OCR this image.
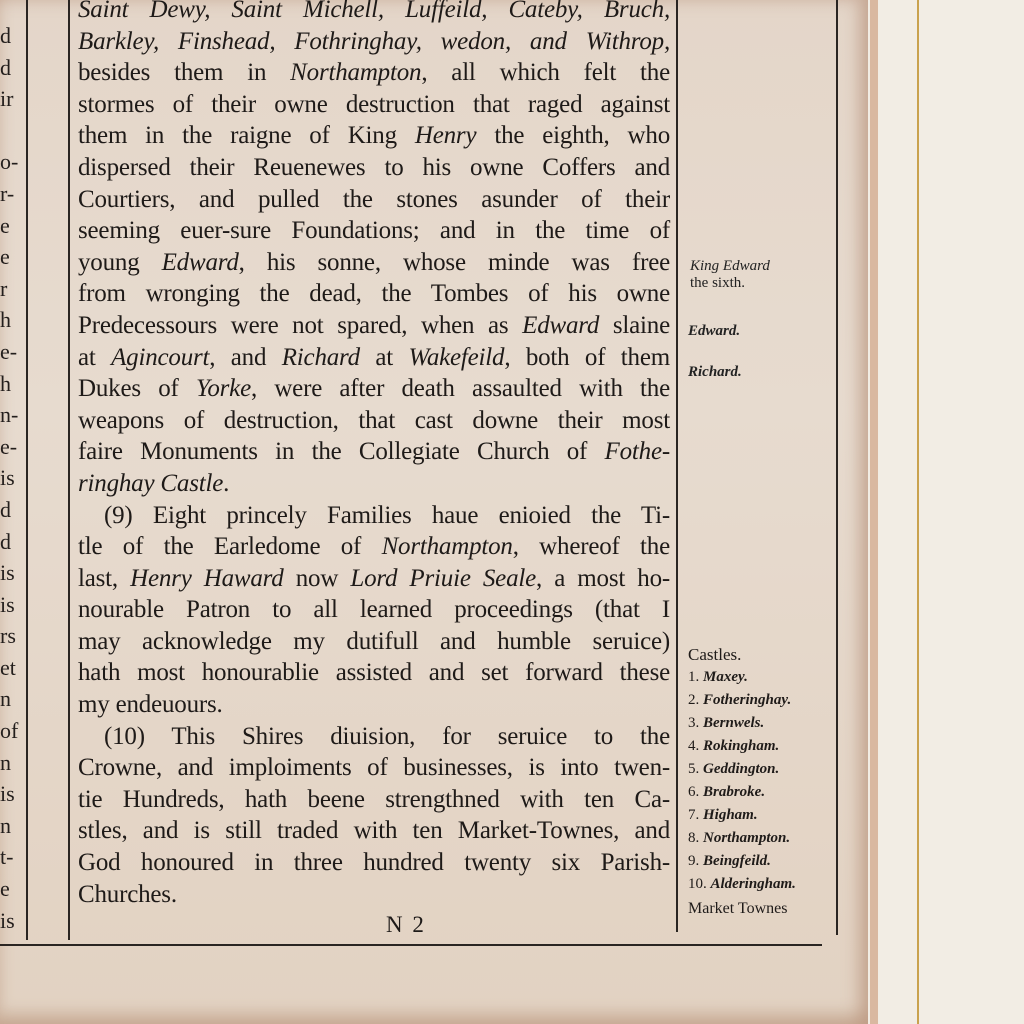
d
d
ir
o-
r-
e
e
r
h
e-
h
n-
e-
is
d
d
is
is
rs
et
n
of
n
is
n
t-
e
is
Saint Dewy, Saint Michell, Luffeild, Cateby, Bruch,
Barkley, Finshead, Fothringhay, wedon, and Withrop,
besides them in Northampton, all which felt the
stormes of their owne destruction that raged against
them in the raigne of King Henry the eighth, who
dispersed their Reuenewes to his owne Coffers and
Courtiers, and pulled the stones asunder of their
seeming euer-sure Foundations; and in the time of
young Edward, his sonne, whose minde was free
from wronging the dead, the Tombes of his owne
Predecessours were not spared, when as Edward slaine
at Agincourt, and Richard at Wakefeild, both of them
Dukes of Yorke, were after death assaulted with the
weapons of destruction, that cast downe their most
faire Monuments in the Collegiate Church of Fothe-
ringhay Castle.
(9) Eight princely Families haue enioied the Ti-
tle of the Earledome of Northampton, whereof the
last, Henry Haward now Lord Priuie Seale, a most ho-
nourable Patron to all learned proceedings (that I
may acknowledge my dutifull and humble seruice)
hath most honourablie assisted and set forward these
my endeuours.
(10) This Shires diuision, for seruice to the
Crowne, and imploiments of businesses, is into twen-
tie Hundreds, hath beene strengthned with ten Ca-
stles, and is still traded with ten Market-Townes, and
God honoured in three hundred twenty six Parish-
Churches.
King Edward
the sixth.
Edward.
Richard.
Castles.
1. Maxey.
2. Fotheringhay.
3. Bernwels.
4. Rokingham.
5. Geddington.
6. Brabroke.
7. Higham.
8. Northampton.
9. Beingfeild.
10. Alderingham.
Market Townes
N 2
